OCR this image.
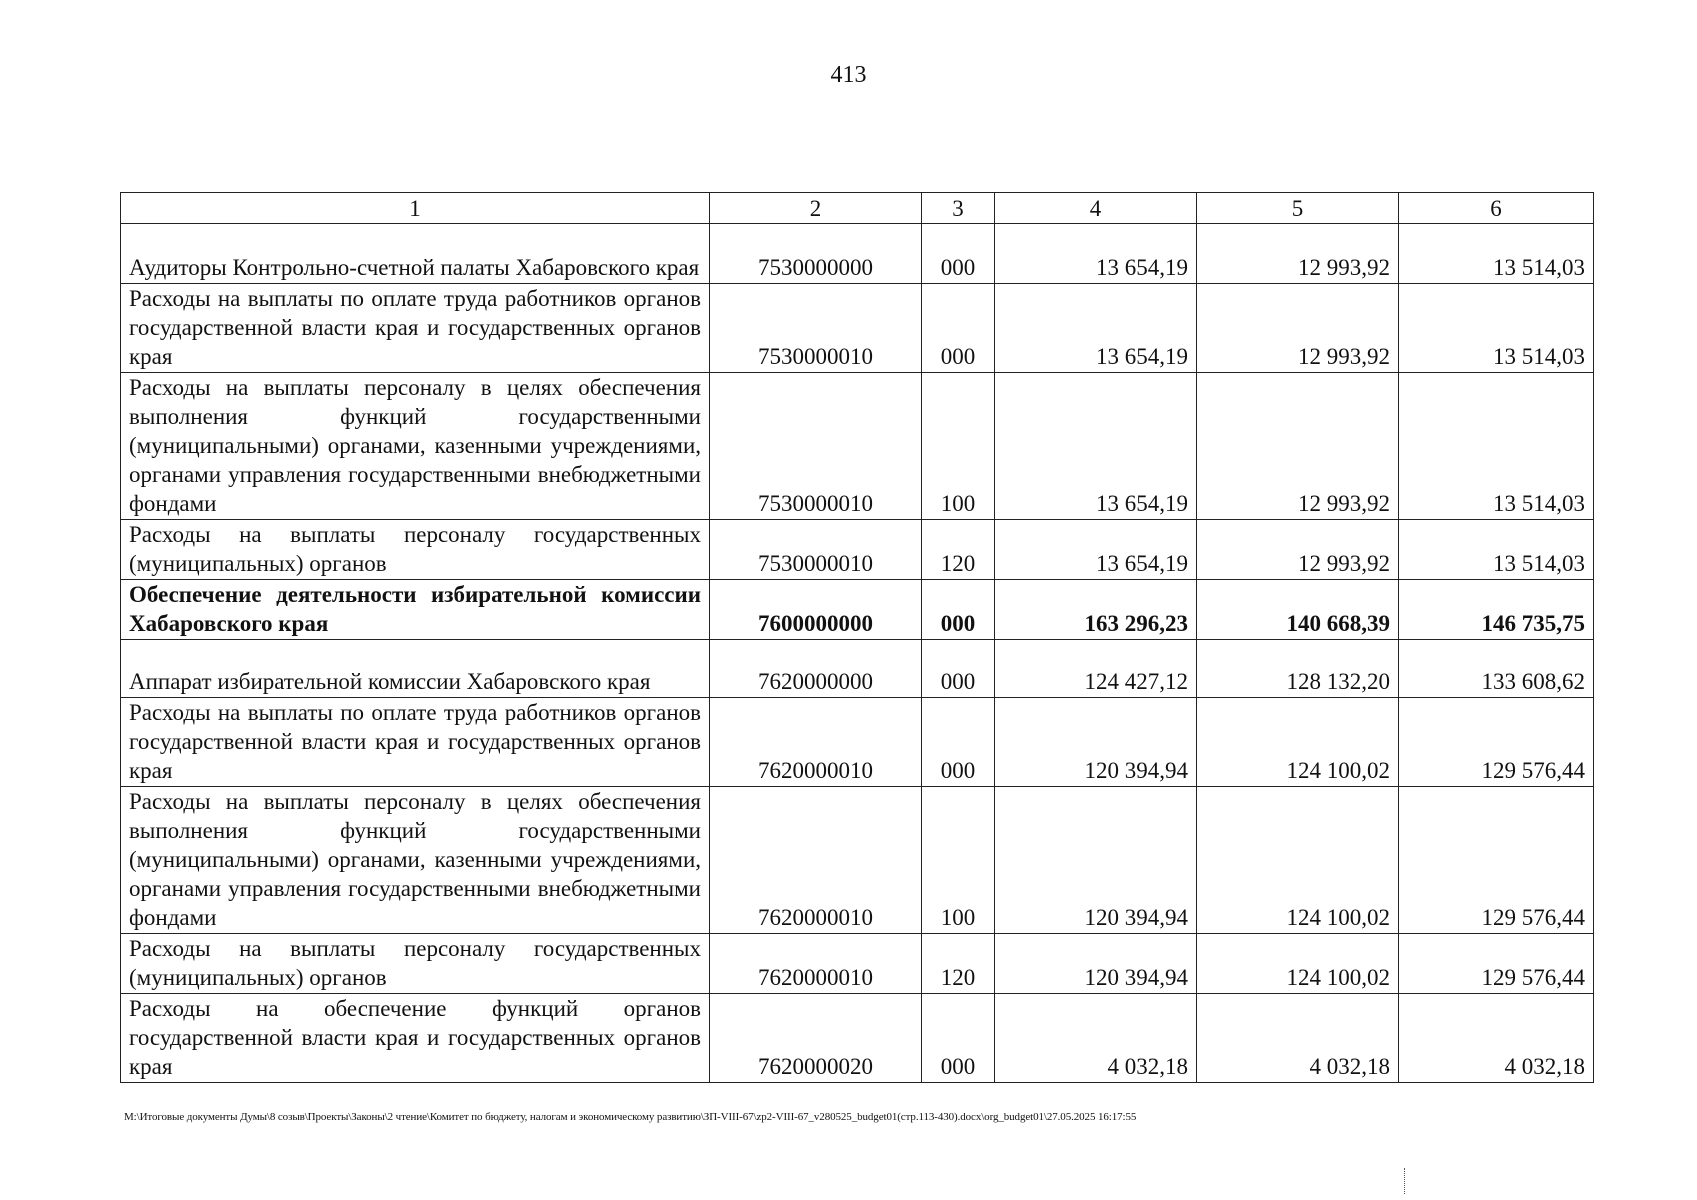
413
1	2	3	4	5	6
Аудиторы Контрольно-счетной палаты Хабаровского края	7530000000	000	13 654,19	12 993,92	13 514,03
Расходы на выплаты по оплате труда работников органов государственной власти края и государственных органов края	7530000010	000	13 654,19	12 993,92	13 514,03
Расходы на выплаты персоналу в целях обеспечения выполнения функций государственными (муниципальными) органами, казенными учреждениями, органами управления государственными внебюджетными фондами	7530000010	100	13 654,19	12 993,92	13 514,03
Расходы на выплаты персоналу государственных (муниципальных) органов	7530000010	120	13 654,19	12 993,92	13 514,03
Обеспечение деятельности избирательной комиссии Хабаровского края	7600000000	000	163 296,23	140 668,39	146 735,75
Аппарат избирательной комиссии Хабаровского края	7620000000	000	124 427,12	128 132,20	133 608,62
Расходы на выплаты по оплате труда работников органов государственной власти края и государственных органов края	7620000010	000	120 394,94	124 100,02	129 576,44
Расходы на выплаты персоналу в целях обеспечения выполнения функций государственными (муниципальными) органами, казенными учреждениями, органами управления государственными внебюджетными фондами	7620000010	100	120 394,94	124 100,02	129 576,44
Расходы на выплаты персоналу государственных (муниципальных) органов	7620000010	120	120 394,94	124 100,02	129 576,44
Расходы на обеспечение функций органов государственной власти края и государственных органов края	7620000020	000	4 032,18	4 032,18	4 032,18
М:\Итоговые документы Думы\8 созыв\Проекты\Законы\2 чтение\Комитет по бюджету, налогам и экономическому развитию\ЗП-VIII-67\zp2-VIII-67_v280525_budget01(стр.113-430).docx\org_budget01\27.05.2025 16:17:55
